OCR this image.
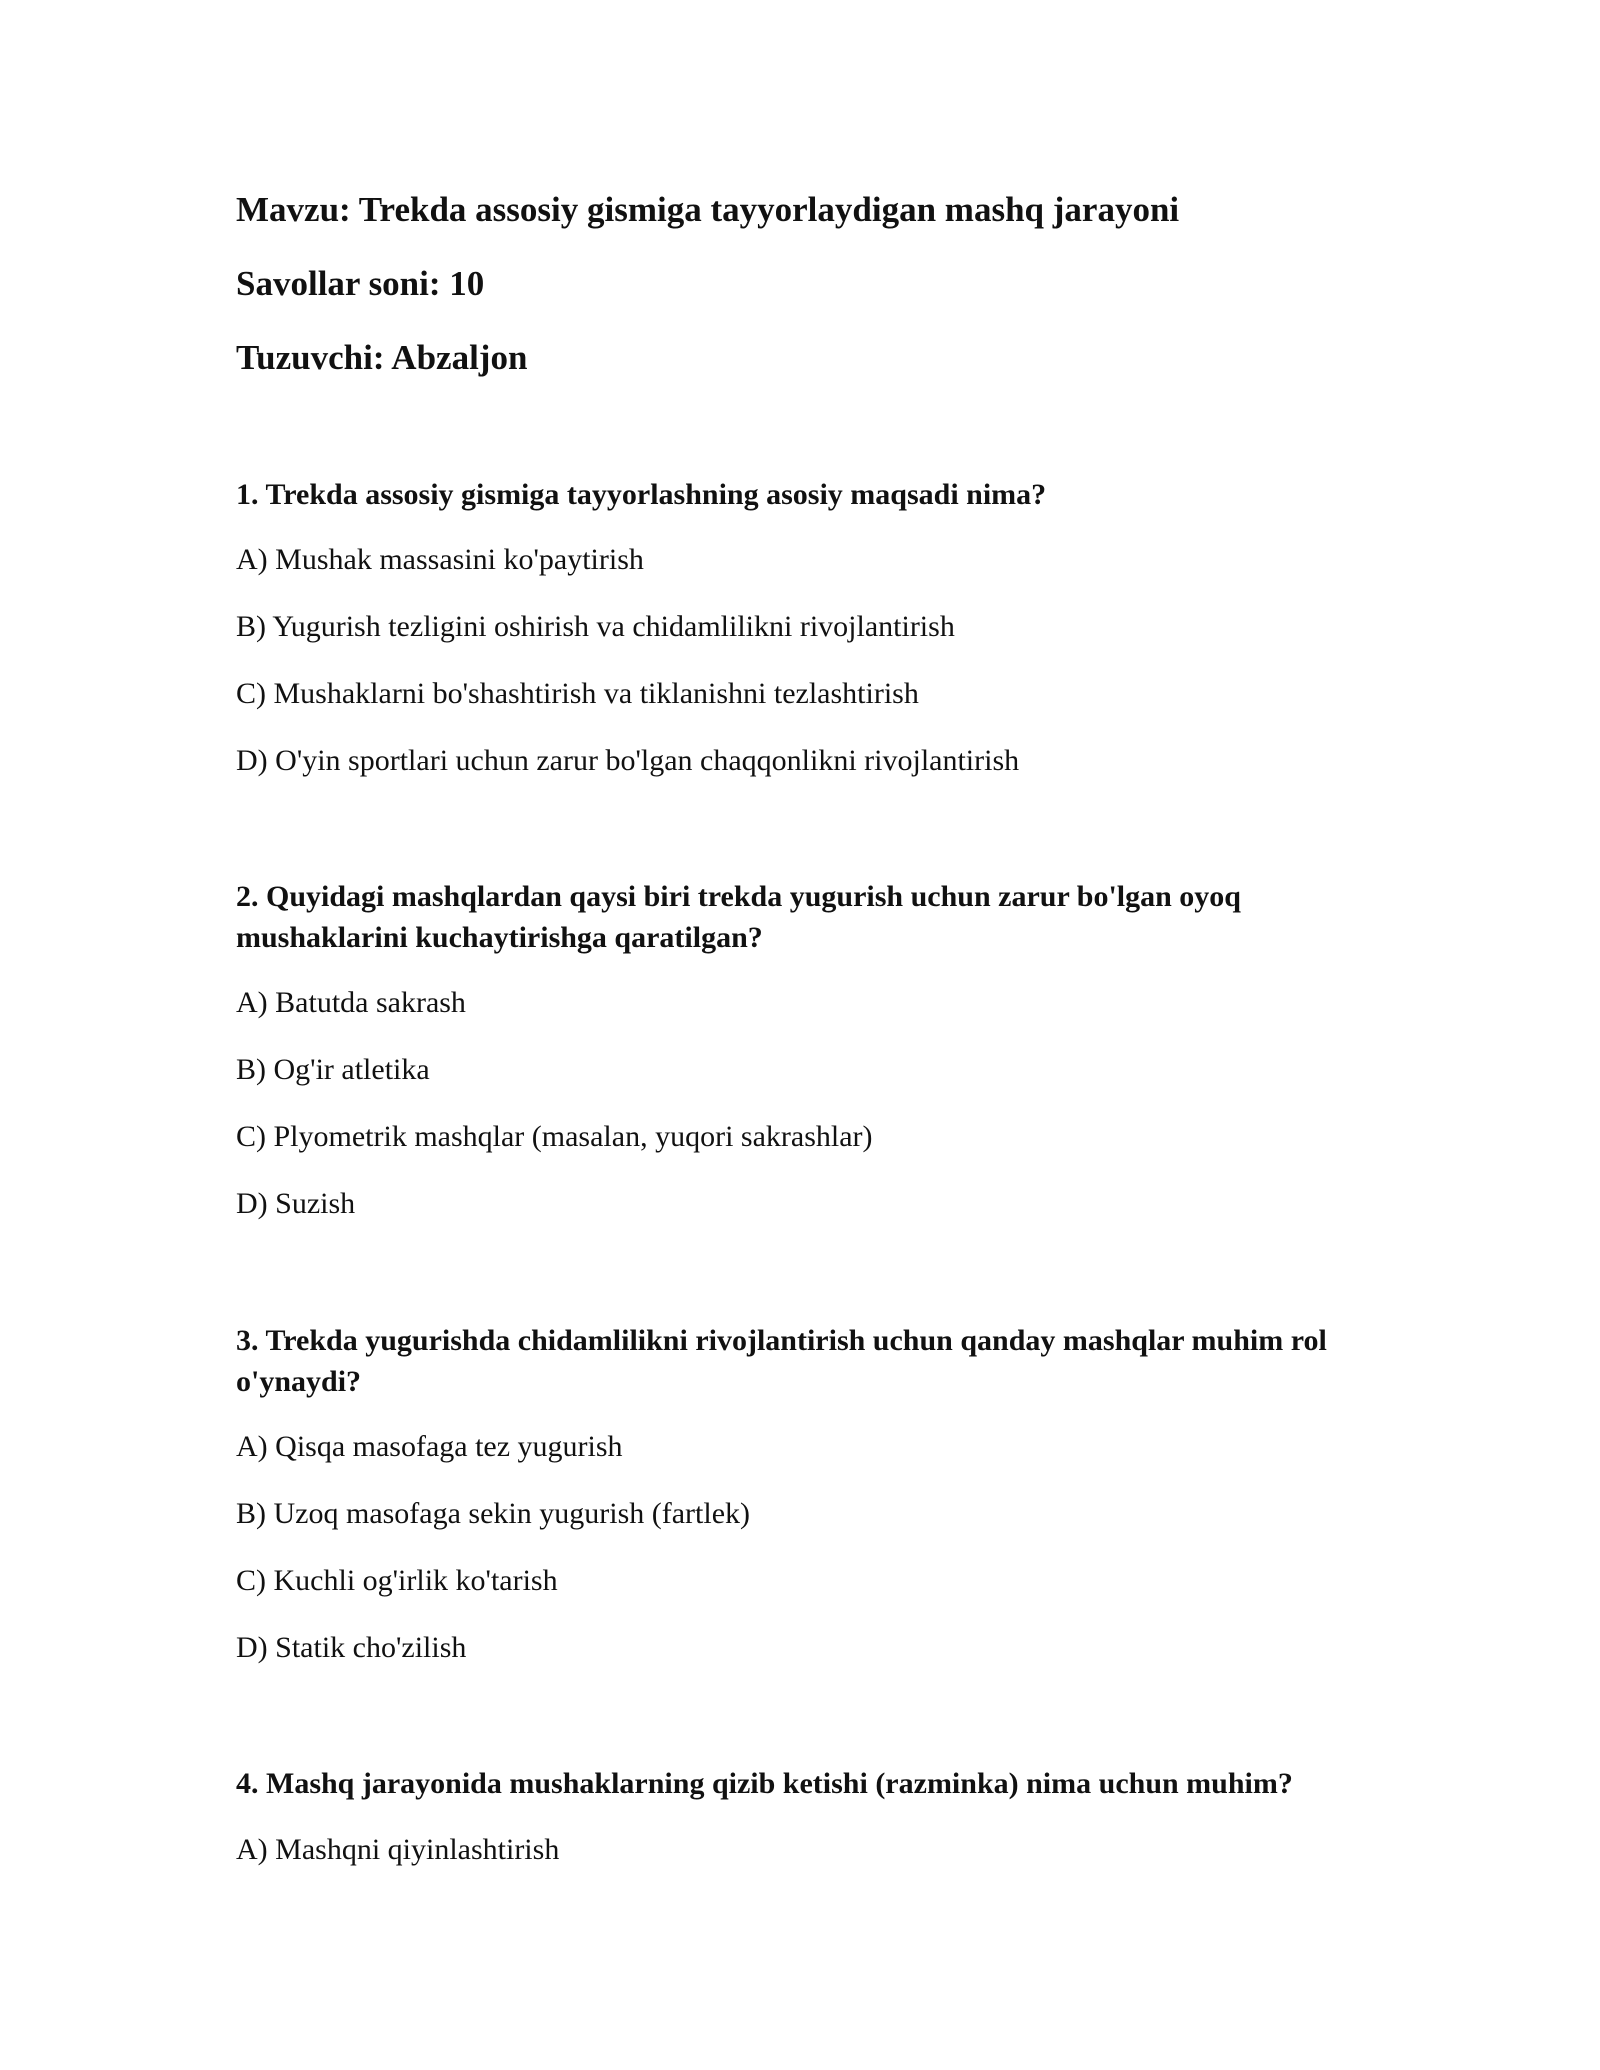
Mavzu: Trekda assosiy gismiga tayyorlaydigan mashq jarayoni
Savollar soni: 10
Tuzuvchi: Abzaljon
1. Trekda assosiy gismiga tayyorlashning asosiy maqsadi nima?
A) Mushak massasini ko'paytirish
B) Yugurish tezligini oshirish va chidamlilikni rivojlantirish
C) Mushaklarni bo'shashtirish va tiklanishni tezlashtirish
D) O'yin sportlari uchun zarur bo'lgan chaqqonlikni rivojlantirish
2. Quyidagi mashqlardan qaysi biri trekda yugurish uchun zarur bo'lgan oyoq mushaklarini kuchaytirishga qaratilgan?
A) Batutda sakrash
B) Og'ir atletika
C) Plyometrik mashqlar (masalan, yuqori sakrashlar)
D) Suzish
3. Trekda yugurishda chidamlilikni rivojlantirish uchun qanday mashqlar muhim rol o'ynaydi?
A) Qisqa masofaga tez yugurish
B) Uzoq masofaga sekin yugurish (fartlek)
C) Kuchli og'irlik ko'tarish
D) Statik cho'zilish
4. Mashq jarayonida mushaklarning qizib ketishi (razminka) nima uchun muhim?
A) Mashqni qiyinlashtirish
